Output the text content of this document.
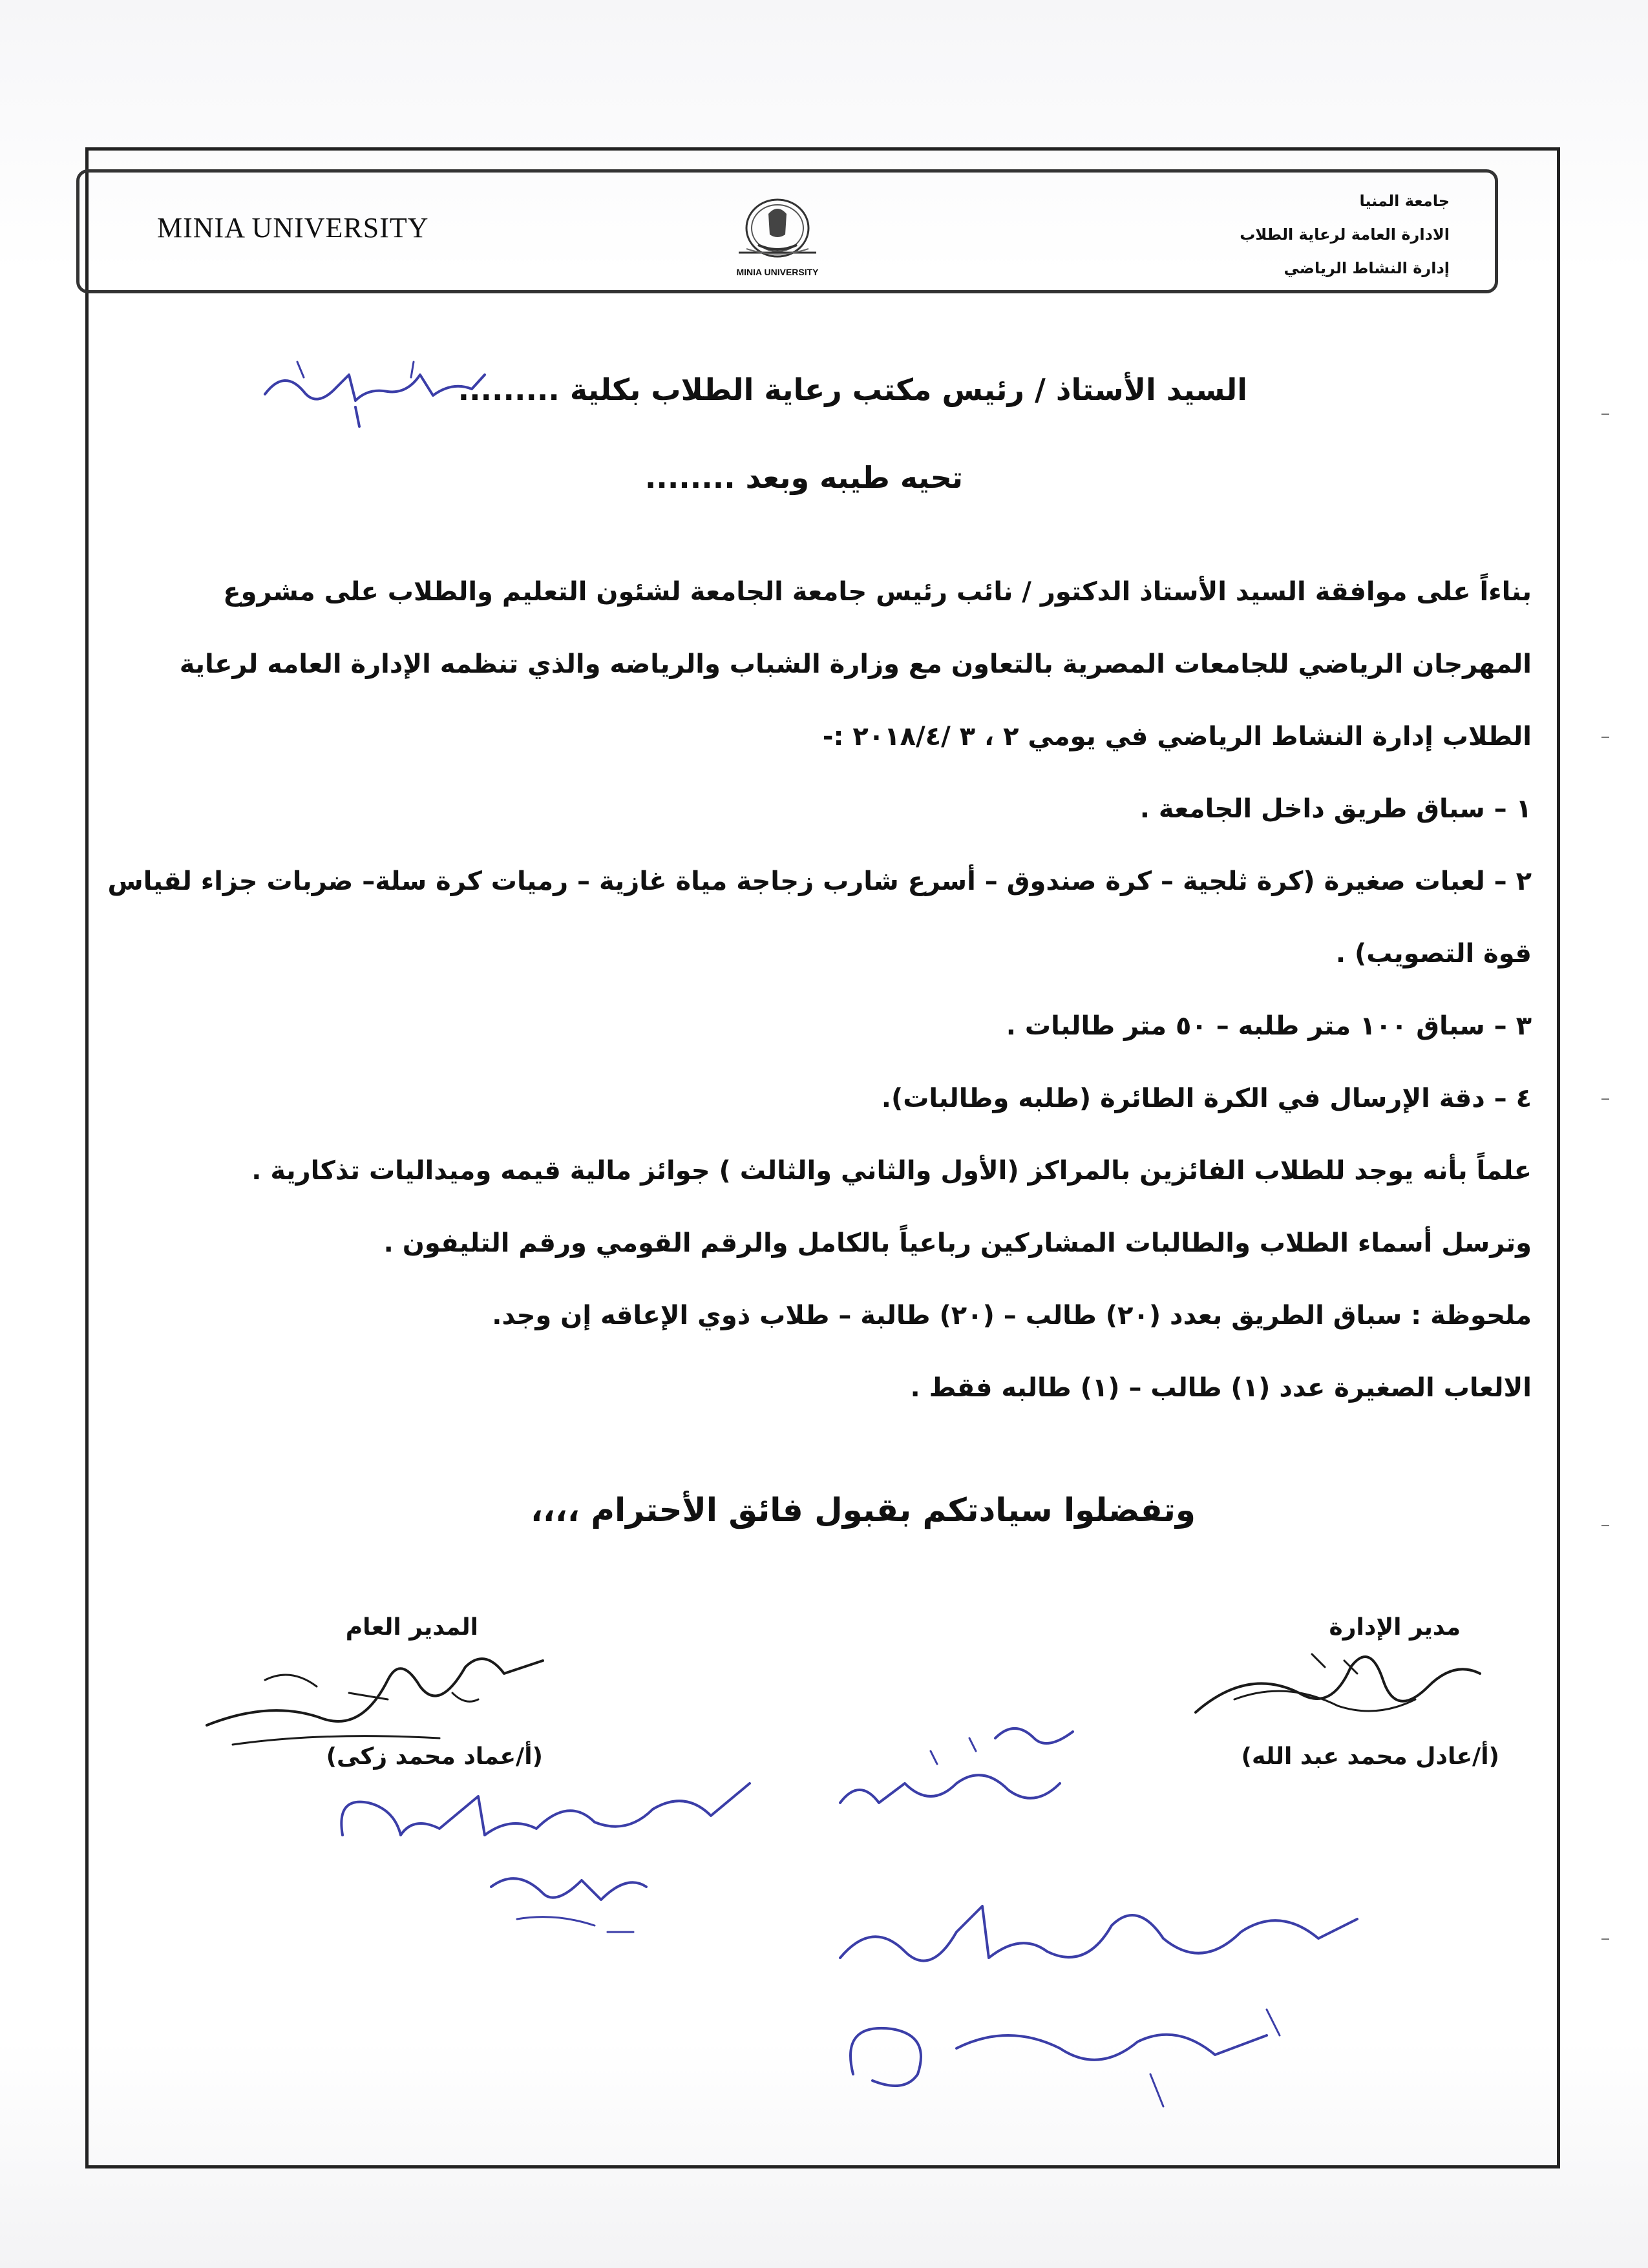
MINIA UNIVERSITY
MINIA UNIVERSITY
جامعة المنيا
الادارة العامة لرعاية الطلاب
إدارة النشاط الرياضي
السيد الأستاذ / رئيس مكتب رعاية الطلاب بكلية .........
تحيه طيبه وبعد ........

بناءاً على موافقة السيد الأستاذ الدكتور / نائب رئيس جامعة الجامعة لشئون التعليم والطلاب على مشروع المهرجان الرياضي للجامعات المصرية بالتعاون مع وزارة الشباب والرياضه والذي تنظمه الإدارة العامه لرعاية الطلاب إدارة النشاط الرياضي في يومي ٢ ، ٣ /٢٠١٨/٤ :-

١ – سباق طريق داخل الجامعة .

٢ – لعبات صغيرة (كرة ثلجية – كرة صندوق – أسرع شارب زجاجة مياة غازية – رميات كرة سلة– ضربات جزاء لقياس قوة التصويب) .

٣ – سباق ١٠٠ متر طلبه – ٥٠ متر طالبات .

٤ – دقة الإرسال في الكرة الطائرة (طلبه وطالبات).

علماً بأنه يوجد للطلاب الفائزين بالمراكز (الأول والثاني والثالث ) جوائز مالية قيمه وميداليات تذكارية .

وترسل أسماء الطلاب والطالبات المشاركين رباعياً بالكامل والرقم القومي ورقم التليفون .

ملحوظة : سباق الطريق بعدد (٢٠) طالب – (٢٠) طالبة – طلاب ذوي الإعاقه إن وجد.

الالعاب الصغيرة عدد (١) طالب – (١) طالبه فقط .

وتفضلوا سيادتكم بقبول فائق الأحترام ،،،،
المدير العام	مدير الإدارة
(أ/عماد محمد زكى)	(أ/عادل محمد عبد الله)
